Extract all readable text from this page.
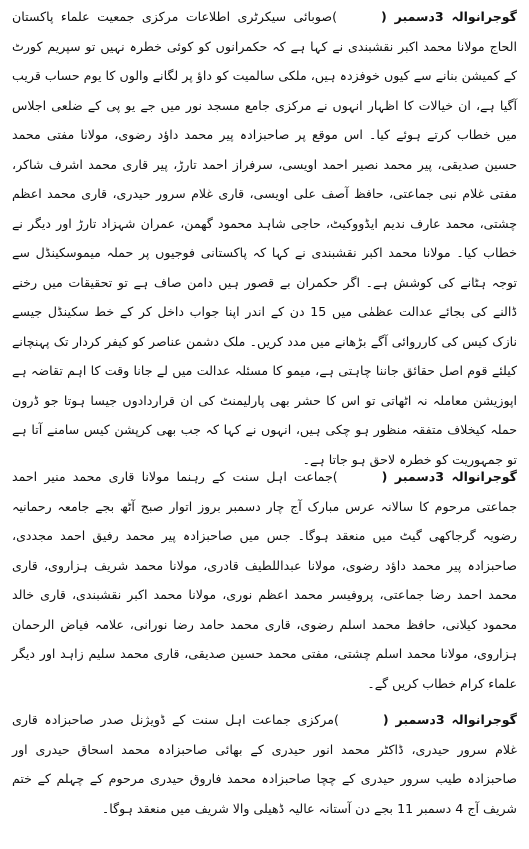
گوجرانوالہ 3دسمبر ()صوبائی سیکرٹری اطلاعات مرکزی جمعیت علماء پاکستان الحاج مولانا محمد اکبر نقشبندی نے کہا ہے کہ حکمرانوں کو کوئی خطرہ نہیں تو سپریم کورٹ کے کمیشن بنانے سے کیوں خوفزدہ ہیں، ملکی سالمیت کو داؤ پر لگانے والوں کا یوم حساب قریب آگیا ہے، ان خیالات کا اظہار انہوں نے مرکزی جامع مسجد نور میں جے یو پی کے ضلعی اجلاس میں خطاب کرتے ہوئے کیا۔ اس موقع پر صاحبزادہ پیر محمد داؤد رضوی، مولانا مفتی محمد حسین صدیقی، پیر محمد نصیر احمد اویسی، سرفراز احمد تارڑ، پیر قاری محمد اشرف شاکر، مفتی غلام نبی جماعتی، حافظ آصف علی اویسی، قاری غلام سرور حیدری، قاری محمد اعظم چشتی، محمد عارف ندیم ایڈووکیٹ، حاجی شاہد محمود گھمن، عمران شہزاد تارڑ اور دیگر نے خطاب کیا۔ مولانا محمد اکبر نقشبندی نے کہا کہ پاکستانی فوجیوں پر حملہ میموسکینڈل سے توجہ ہٹانے کی کوشش ہے۔ اگر حکمران بے قصور ہیں دامن صاف ہے تو تحقیقات میں رخنے ڈالنے کی بجائے عدالت عظمٰی میں 15 دن کے اندر اپنا جواب داخل کر کے خط سکینڈل جیسے نازک کیس کی کارروائی آگے بڑھانے میں مدد کریں۔ ملک دشمن عناصر کو کیفر کردار تک پہنچانے کیلئے قوم اصل حقائق جاننا چاہتی ہے، میمو کا مسئلہ عدالت میں لے جانا وقت کا اہم تقاضہ ہے اپوزیشن معاملہ نہ اٹھاتی تو اس کا حشر بھی پارلیمنٹ کی ان قراردادوں جیسا ہوتا جو ڈرون حملہ کیخلاف متفقہ منظور ہو چکی ہیں، انہوں نے کہا کہ جب بھی کرپشن کیس سامنے آتا ہے تو جمہوریت کو خطرہ لاحق ہو جاتا ہے۔
گوجرانوالہ 3دسمبر ()جماعت اہل سنت کے رہنما مولانا قاری محمد منیر احمد جماعتی مرحوم کا سالانہ عرس مبارک آج چار دسمبر بروز اتوار صبح آٹھ بجے جامعہ رحمانیہ رضویہ گرجاکھی گیٹ میں منعقد ہوگا۔ جس میں صاحبزادہ پیر محمد رفیق احمد مجددی، صاحبزادہ پیر محمد داؤد رضوی، مولانا عبداللطیف قادری، مولانا محمد شریف ہزاروی، قاری محمد احمد رضا جماعتی، پروفیسر محمد اعظم نوری، مولانا محمد اکبر نقشبندی، قاری خالد محمود کیلانی، حافظ محمد اسلم رضوی، قاری محمد حامد رضا نورانی، علامہ فیاض الرحمان ہزاروی، مولانا محمد اسلم چشتی، مفتی محمد حسین صدیقی، قاری محمد سلیم زاہد اور دیگر علماء کرام خطاب کریں گے۔
گوجرانوالہ 3دسمبر ()مرکزی جماعت اہل سنت کے ڈویژنل صدر صاحبزادہ قاری غلام سرور حیدری، ڈاکٹر محمد انور حیدری کے بھائی صاحبزادہ محمد اسحاق حیدری اور صاحبزادہ طیب سرور حیدری کے چچا صاحبزادہ محمد فاروق حیدری مرحوم کے چہلم کے ختم شریف آج 4 دسمبر 11 بجے دن آستانہ عالیہ ڈھیلی والا شریف میں منعقد ہوگا۔
